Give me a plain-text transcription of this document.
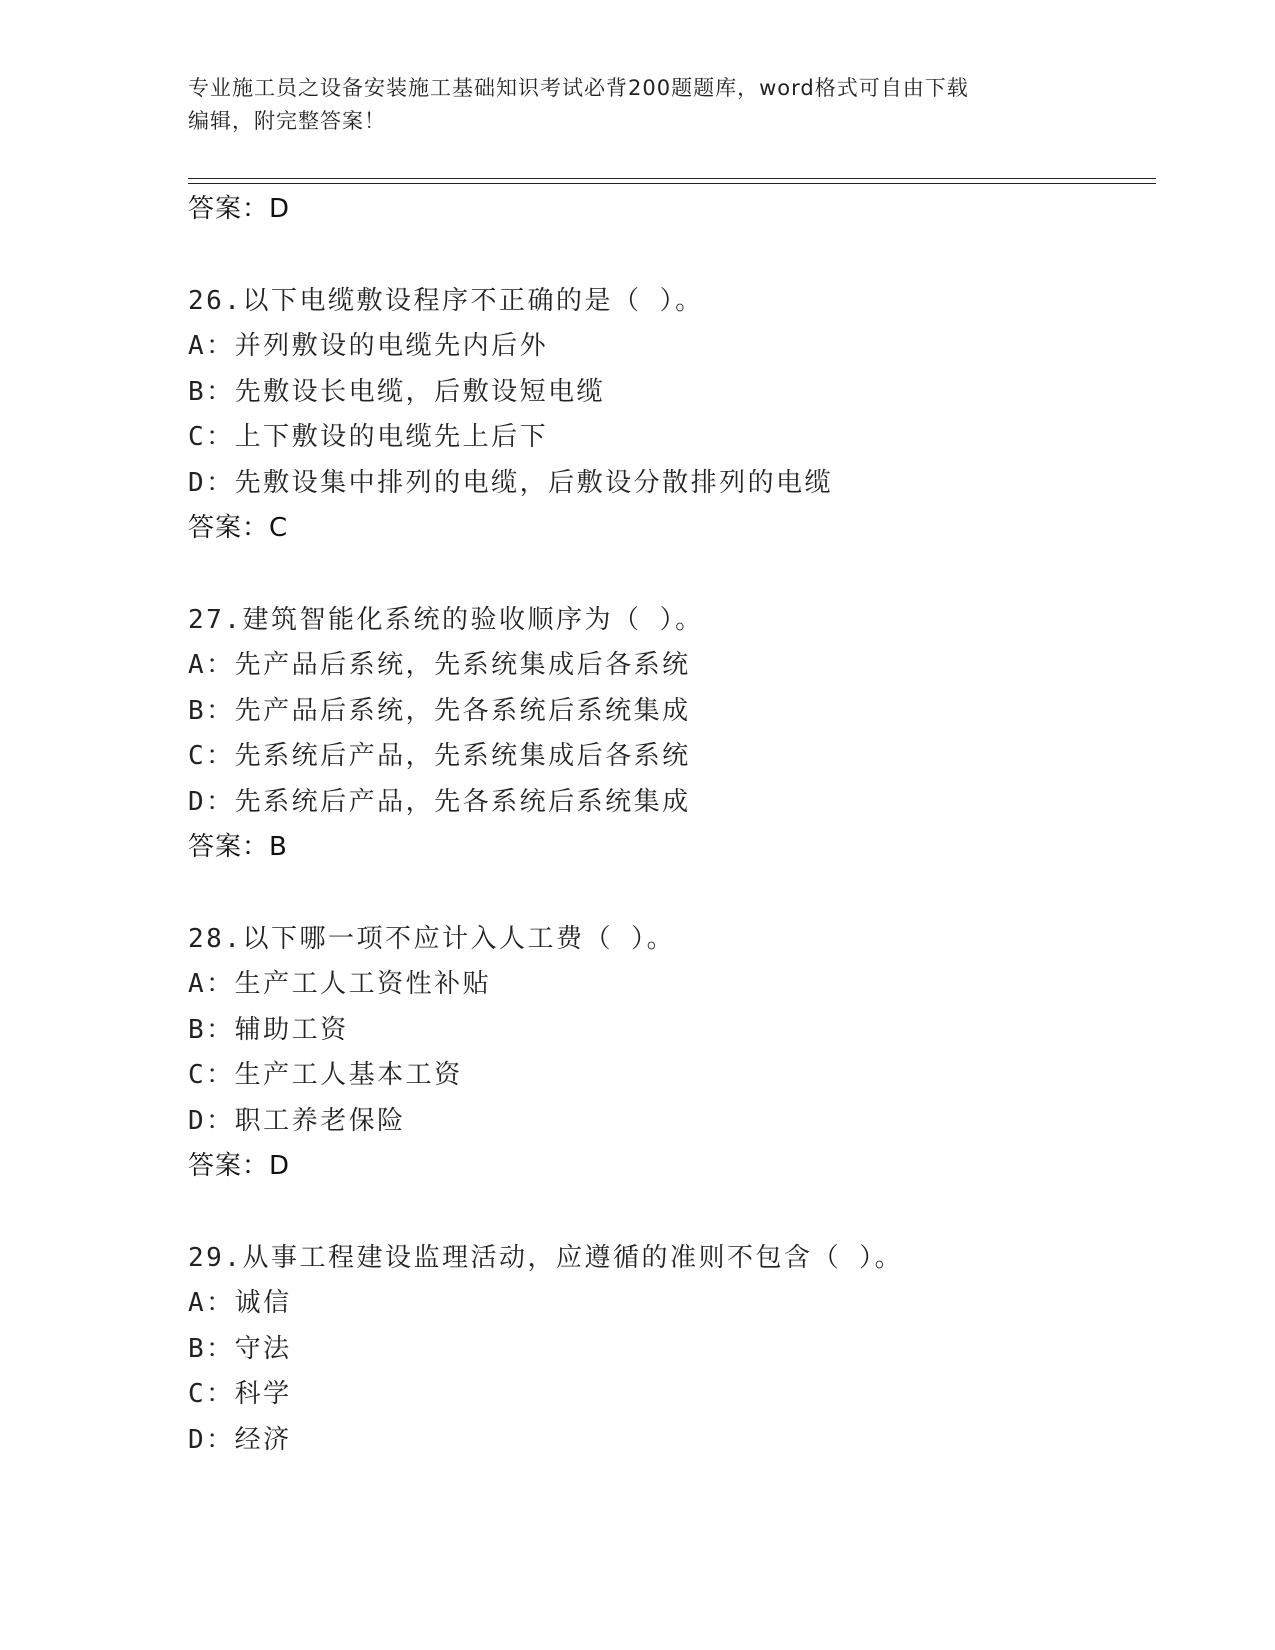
专业施工员之设备安装施工基础知识考试必背200题题库，word格式可自由下载
编辑，附完整答案！
答案：D
26.以下电缆敷设程序不正确的是（ ）。
A：并列敷设的电缆先内后外
B：先敷设长电缆，后敷设短电缆
C：上下敷设的电缆先上后下
D：先敷设集中排列的电缆，后敷设分散排列的电缆
答案：C
27.建筑智能化系统的验收顺序为（ ）。
A：先产品后系统，先系统集成后各系统
B：先产品后系统，先各系统后系统集成
C：先系统后产品，先系统集成后各系统
D：先系统后产品，先各系统后系统集成
答案：B
28.以下哪一项不应计入人工费（ ）。
A：生产工人工资性补贴
B：辅助工资
C：生产工人基本工资
D：职工养老保险
答案：D
29.从事工程建设监理活动，应遵循的准则不包含（ ）。
A：诚信
B：守法
C：科学
D：经济
